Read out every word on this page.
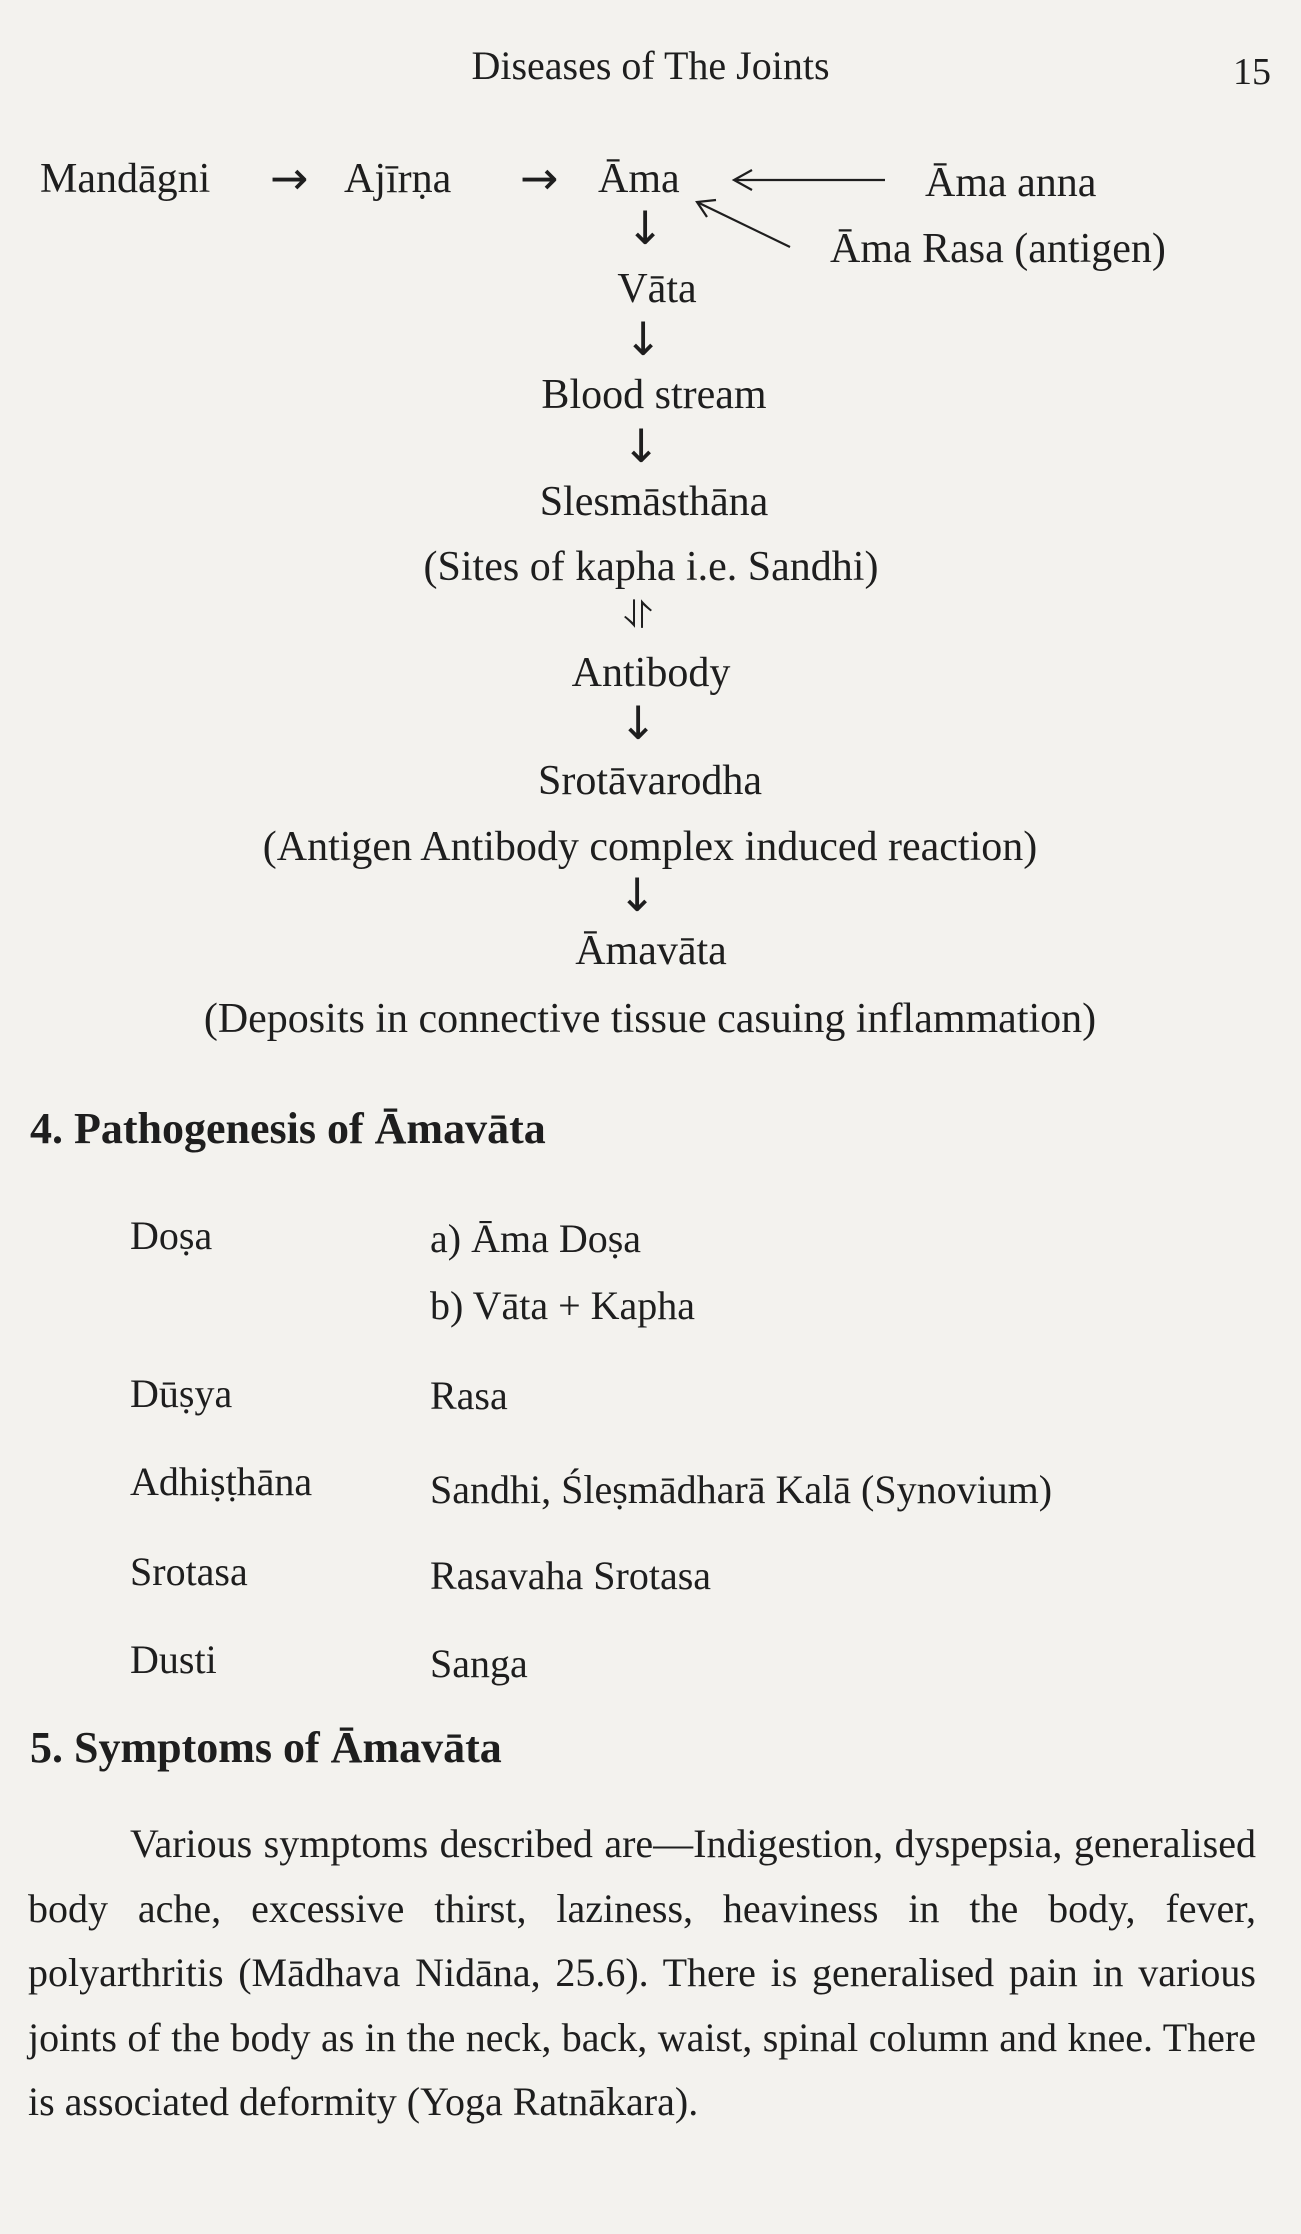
Diseases of The Joints	15
Mandāgni → Ajīrṇa → Āma	Āma anna
Āma Rasa (antigen)
↓
Vāta
↓
Blood stream
↓
Slesmāsthāna
(Sites of kapha i.e. Sandhi)
⥯
Antibody
↓
Srotāvarodha
(Antigen Antibody complex induced reaction)
↓
Āmavāta
(Deposits in connective tissue casuing inflammation)
4. Pathogenesis of Āmavāta
Doṣa	a) Āma Doṣa
b) Vāta + Kapha
Dūṣya	Rasa
Adhiṣṭhāna	Sandhi, Śleṣmādharā Kalā (Synovium)
Srotasa	Rasavaha Srotasa
Dusti	Sanga
5. Symptoms of Āmavāta

Various symptoms described are—Indigestion, dyspepsia, generalised body ache, excessive thirst, laziness, heaviness in the body, fever, polyarthritis (Mādhava Nidāna, 25.6). There is generalised pain in various joints of the body as in the neck, back, waist, spinal column and knee. There is associated deformity (Yoga Ratnākara).
